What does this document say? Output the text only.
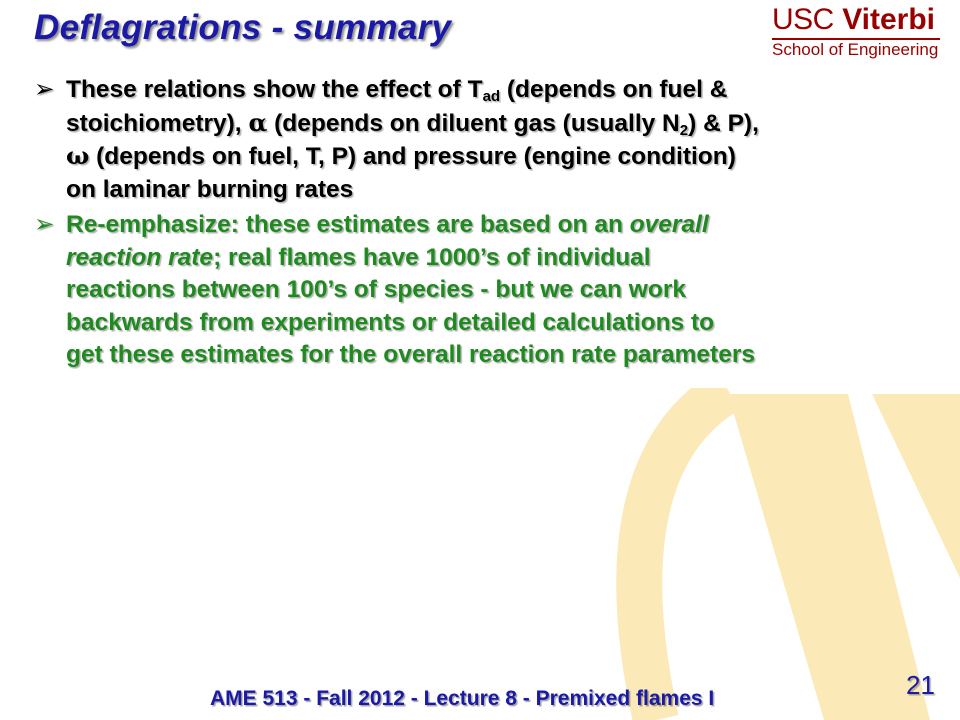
Deflagrations - summary	USC Viterbi
School of Engineering
➢ These relations show the effect of $T_{ad}$ (depends on fuel &
stoichiometry), α (depends on diluent gas (usually $N_2$) & P),
ω (depends on fuel, T, P) and pressure (engine condition)
on laminar burning rates
➢ Re-emphasize: these estimates are based on an overall
reaction rate; real flames have 1000’s of individual
reactions between 100’s of species - but we can work
backwards from experiments or detailed calculations to
get these estimates for the overall reaction rate parameters
AME 513 - Fall 2012 - Lecture 8 - Premixed flames I	21
